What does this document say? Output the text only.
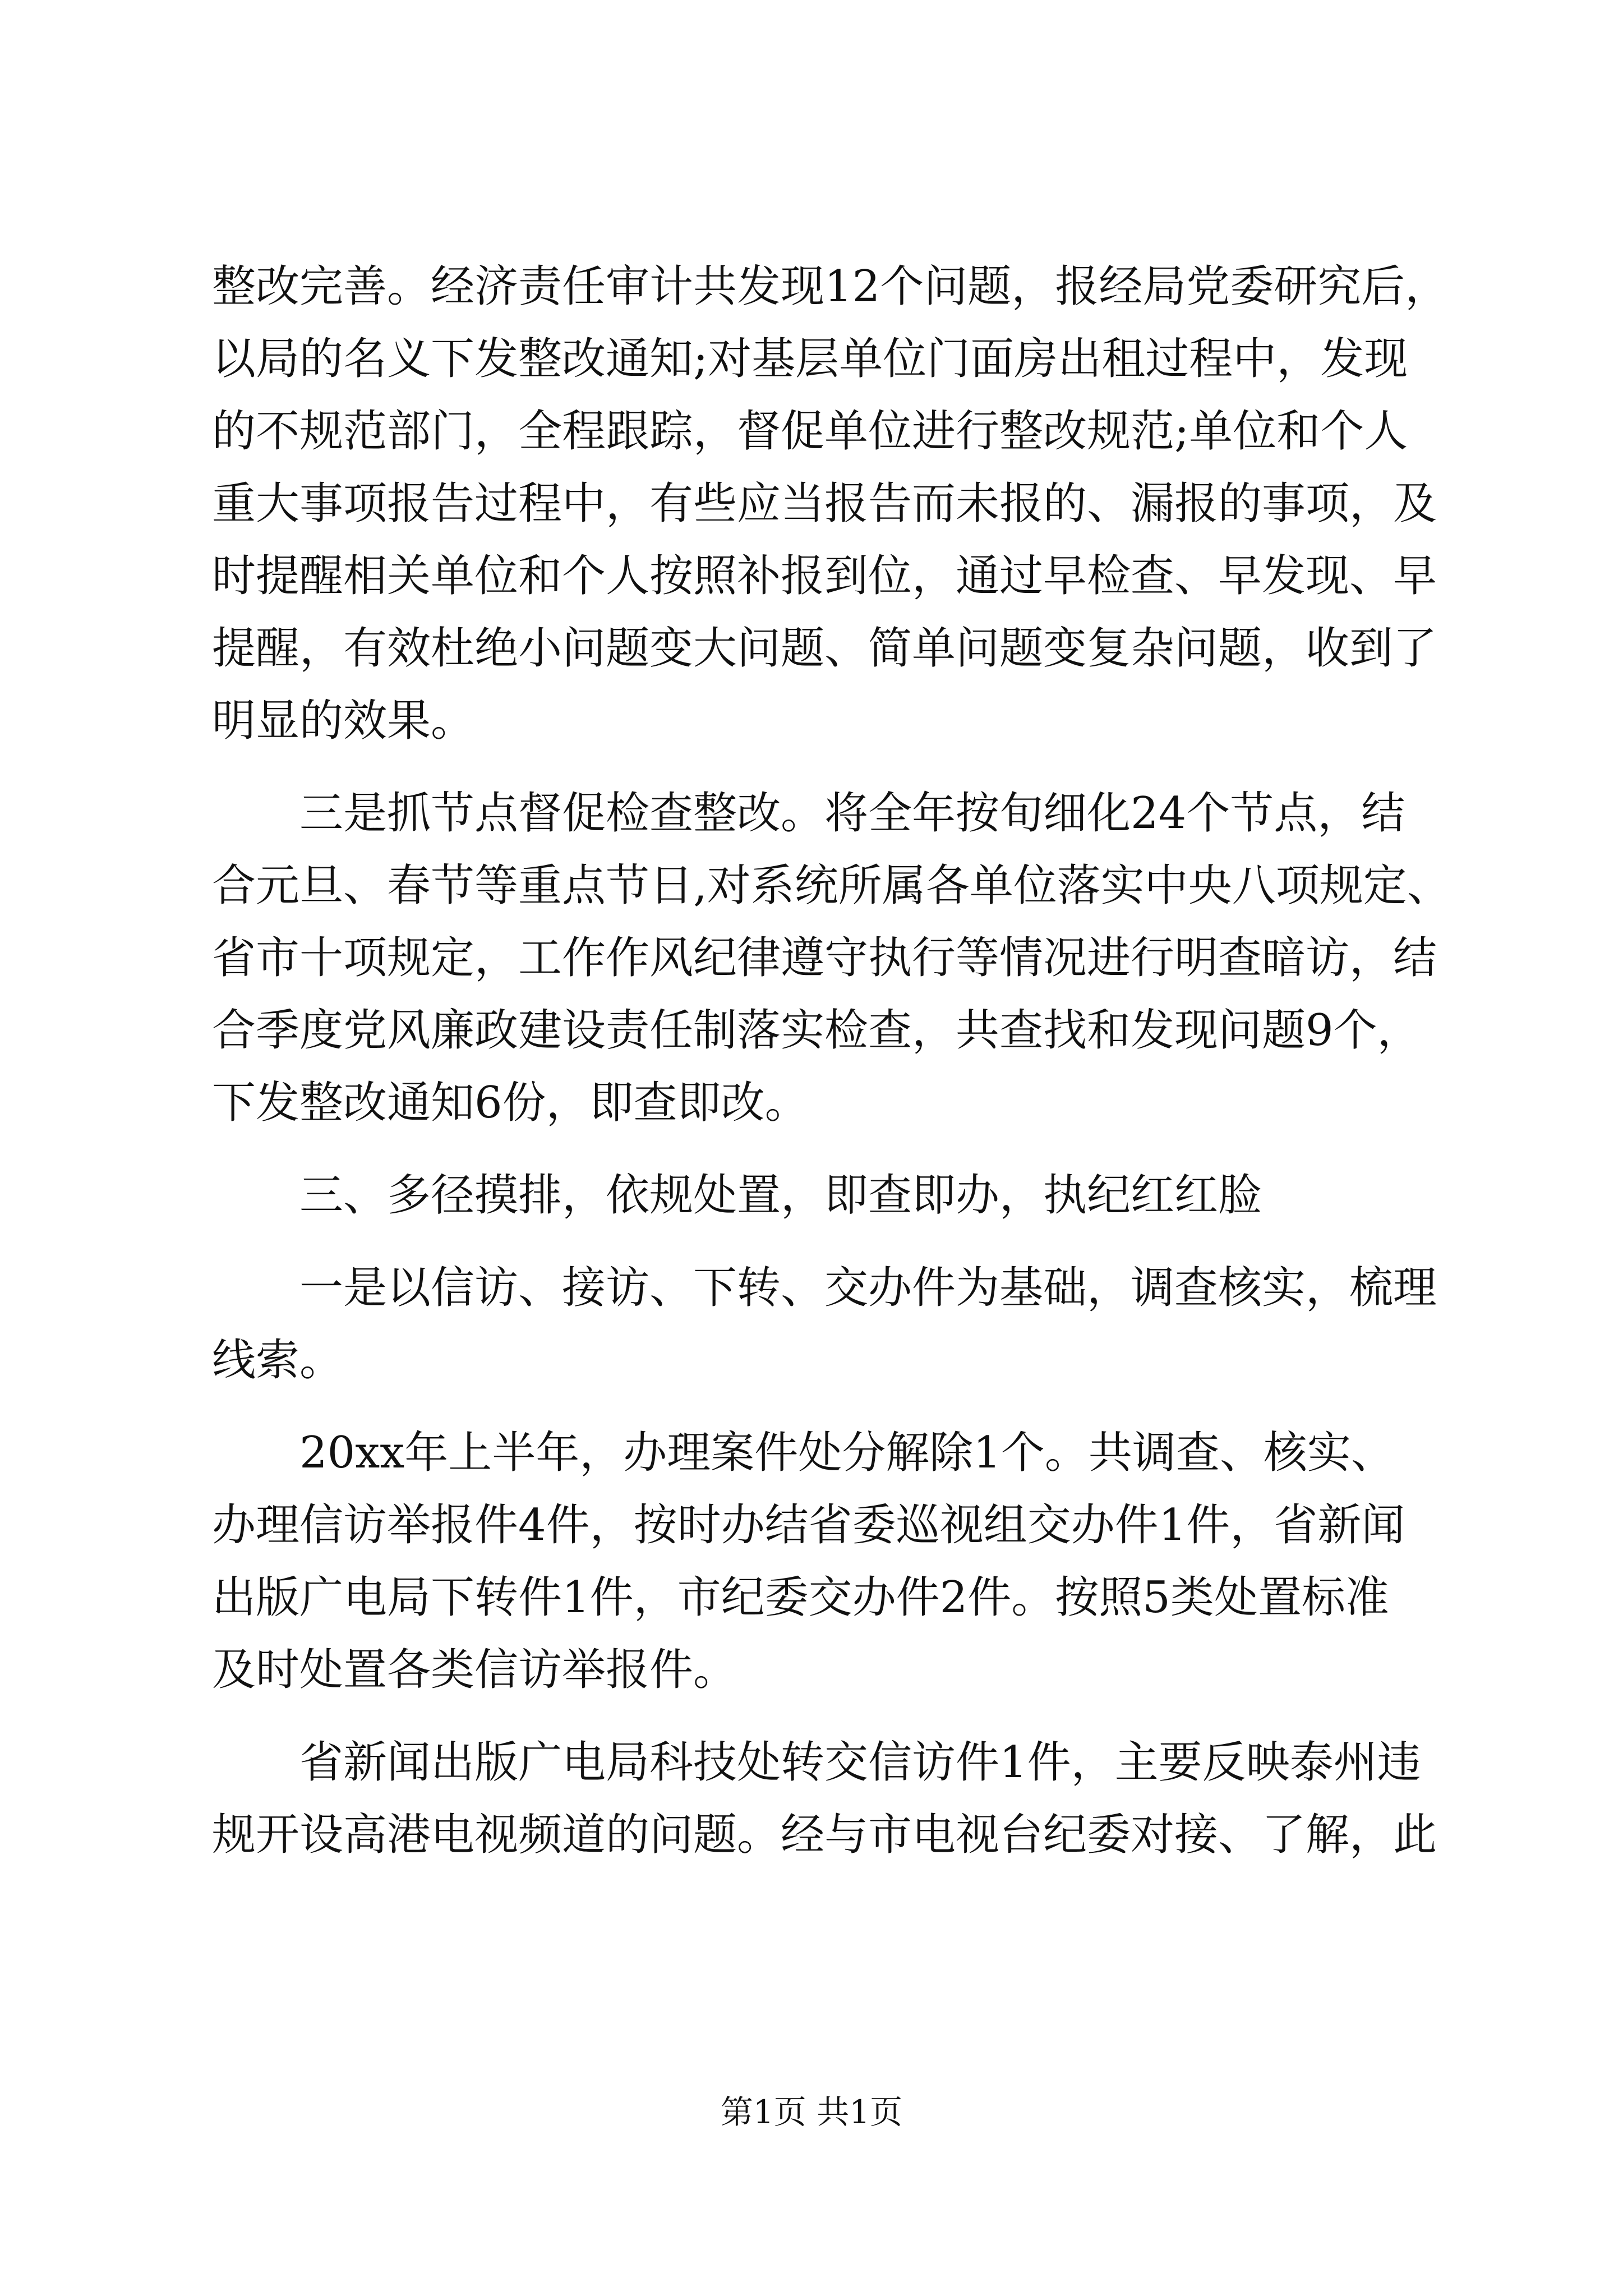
整改完善。经济责任审计共发现12个问题，报经局党委研究后，
以局的名义下发整改通知;对基层单位门面房出租过程中，发现
的不规范部门，全程跟踪，督促单位进行整改规范;单位和个人
重大事项报告过程中，有些应当报告而未报的、漏报的事项，及
时提醒相关单位和个人按照补报到位，通过早检查、早发现、早
提醒，有效杜绝小问题变大问题、简单问题变复杂问题，收到了
明显的效果。
三是抓节点督促检查整改。将全年按旬细化24个节点，结
合元旦、春节等重点节日,对系统所属各单位落实中央八项规定、
省市十项规定，工作作风纪律遵守执行等情况进行明查暗访，结
合季度党风廉政建设责任制落实检查，共查找和发现问题9个，
下发整改通知6份，即查即改。
三、多径摸排，依规处置，即查即办，执纪红红脸
一是以信访、接访、下转、交办件为基础，调查核实，梳理
线索。
20xx年上半年，办理案件处分解除1个。共调查、核实、
办理信访举报件4件，按时办结省委巡视组交办件1件，省新闻
出版广电局下转件1件，市纪委交办件2件。按照5类处置标准
及时处置各类信访举报件。
省新闻出版广电局科技处转交信访件1件，主要反映泰州违
规开设高港电视频道的问题。经与市电视台纪委对接、了解，此
第1页 共1页
